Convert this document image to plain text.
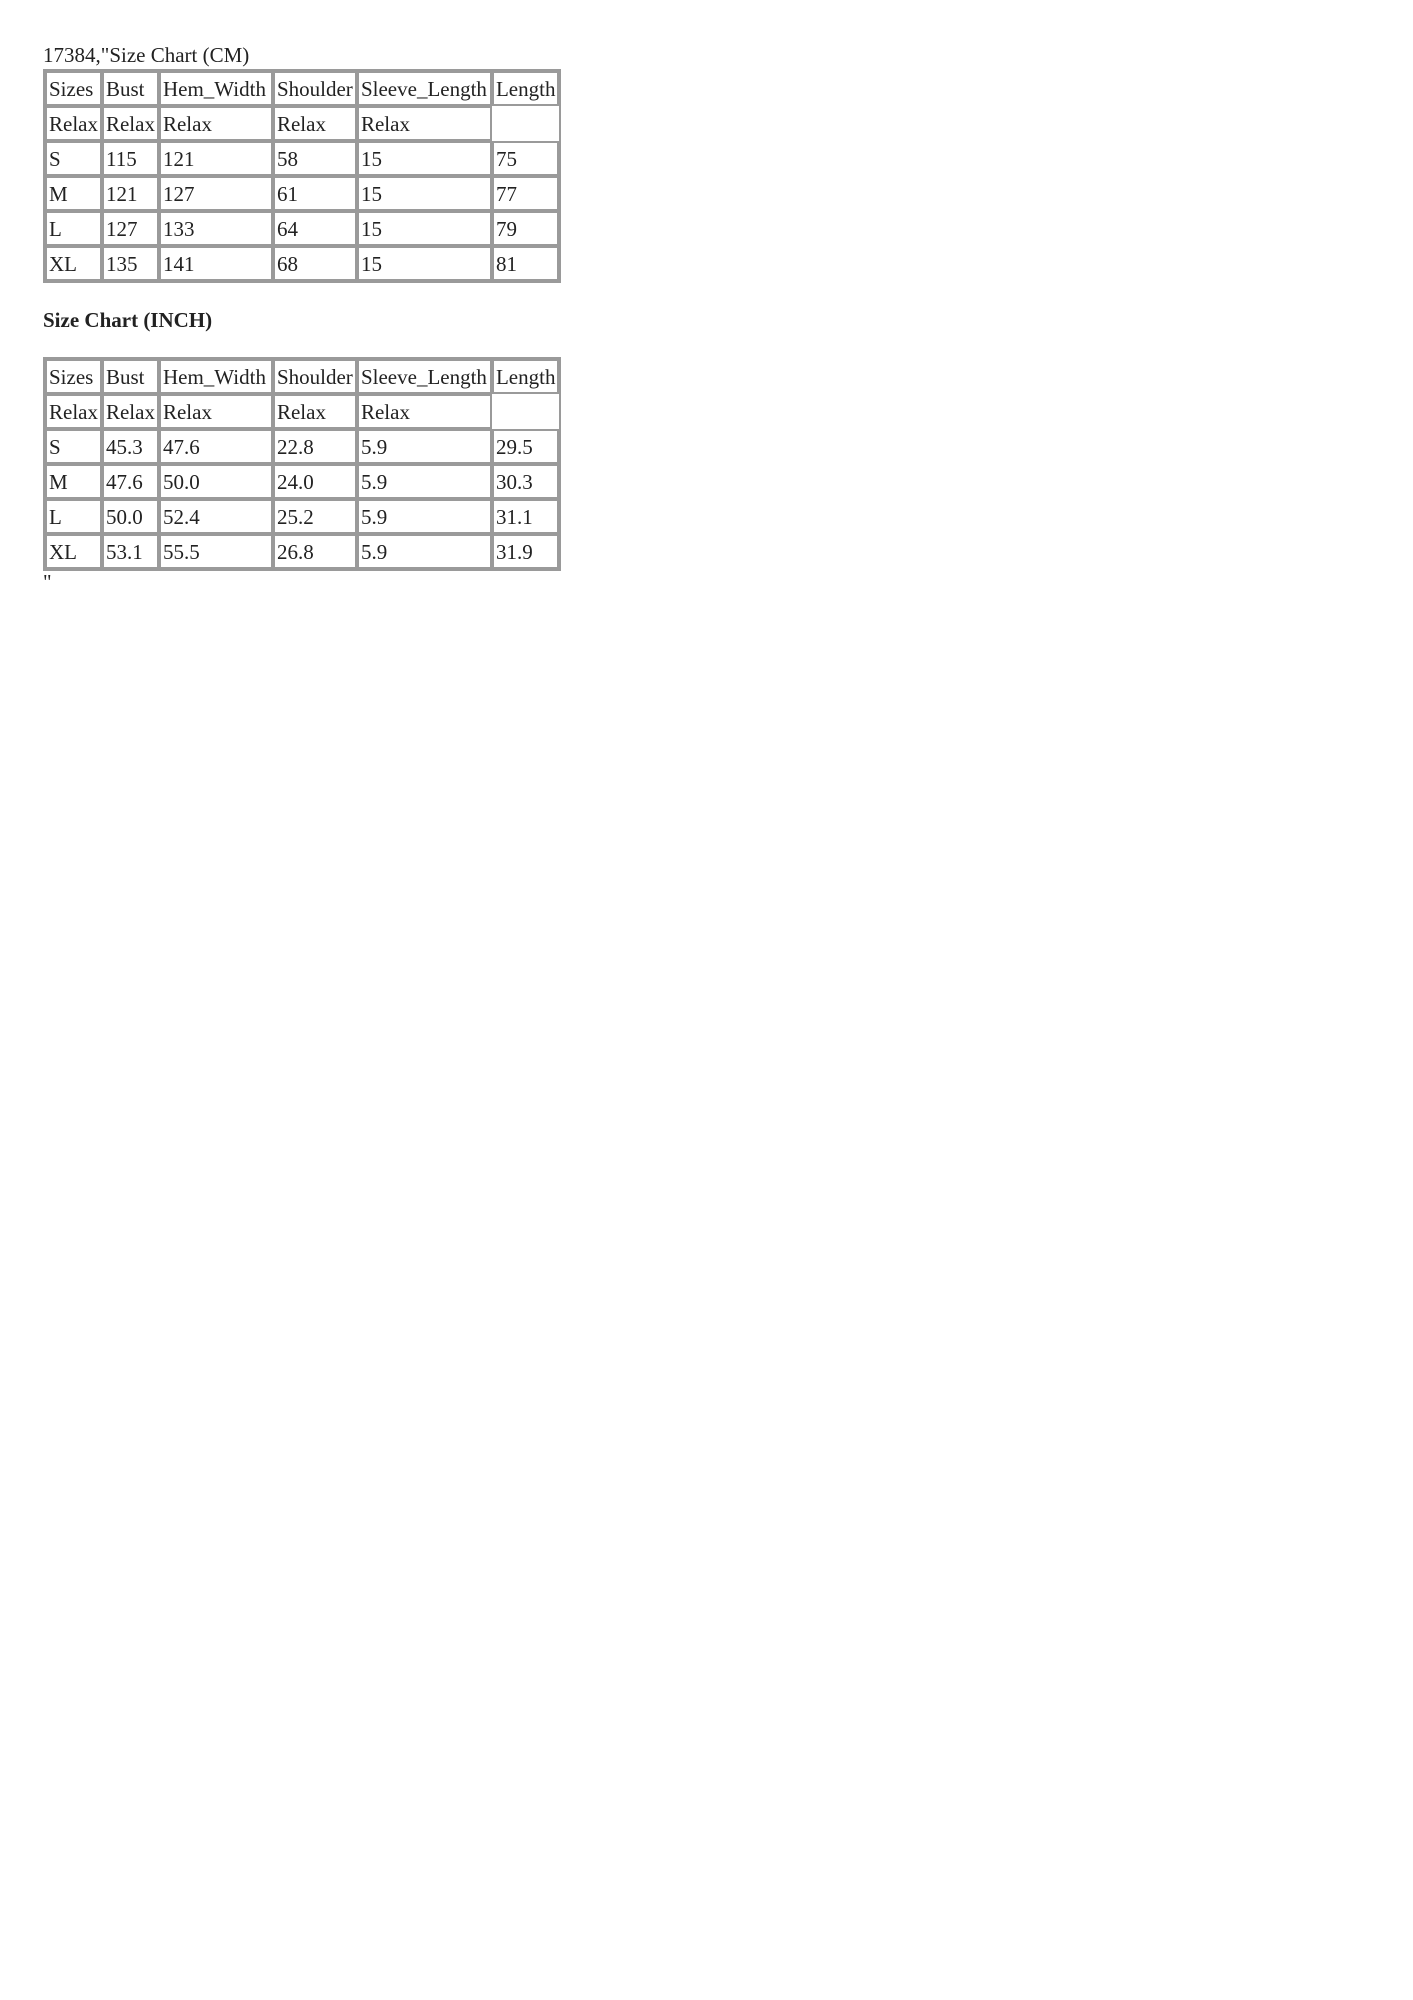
17384,"Size Chart (CM)
Sizes	Bust	Hem_Width	Shoulder	Sleeve_Length	Length
Relax	Relax	Relax	Relax	Relax	
S	115	121	58	15	75
M	121	127	61	15	77
L	127	133	64	15	79
XL	135	141	68	15	81
Size Chart (INCH)
Sizes	Bust	Hem_Width	Shoulder	Sleeve_Length	Length
Relax	Relax	Relax	Relax	Relax	
S	45.3	47.6	22.8	5.9	29.5
M	47.6	50.0	24.0	5.9	30.3
L	50.0	52.4	25.2	5.9	31.1
XL	53.1	55.5	26.8	5.9	31.9
"
